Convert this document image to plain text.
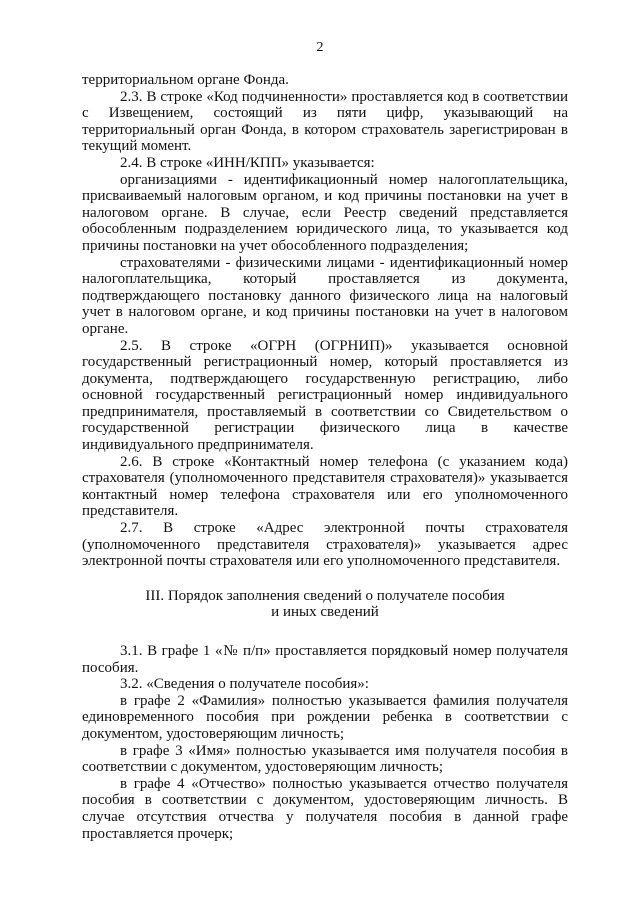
2

территориальном органе Фонда.

2.3. В строке «Код подчиненности» проставляется код в соответствии с Извещением, состоящий из пяти цифр, указывающий на территориальный орган Фонда, в котором страхователь зарегистрирован в текущий момент.

2.4. В строке «ИНН/КПП» указывается:

организациями - идентификационный номер налогоплательщика, присваиваемый налоговым органом, и код причины постановки на учет в налоговом органе. В случае, если Реестр сведений представляется обособленным подразделением юридического лица, то указывается код причины постановки на учет обособленного подразделения;

страхователями - физическими лицами - идентификационный номер налогоплательщика, который проставляется из документа, подтверждающего постановку данного физического лица на налоговый учет в налоговом органе, и код причины постановки на учет в налоговом органе.

2.5. В строке «ОГРН (ОГРНИП)» указывается основной государственный регистрационный номер, который проставляется из документа, подтверждающего государственную регистрацию, либо основной государственный регистрационный номер индивидуального предпринимателя, проставляемый в соответствии со Свидетельством о государственной регистрации физического лица в качестве индивидуального предпринимателя.

2.6. В строке «Контактный номер телефона (с указанием кода) страхователя (уполномоченного представителя страхователя)» указывается контактный номер телефона страхователя или его уполномоченного представителя.

2.7. В строке «Адрес электронной почты страхователя (уполномоченного представителя страхователя)» указывается адрес электронной почты страхователя или его уполномоченного представителя.

III. Порядок заполнения сведений о получателе пособия

и иных сведений

3.1. В графе 1 «№ п/п» проставляется порядковый номер получателя пособия.

3.2. «Сведения о получателе пособия»:

в графе 2 «Фамилия» полностью указывается фамилия получателя единовременного пособия при рождении ребенка в соответствии с документом, удостоверяющим личность;

в графе 3 «Имя» полностью указывается имя получателя пособия в соответствии с документом, удостоверяющим личность;

в графе 4 «Отчество» полностью указывается отчество получателя пособия в соответствии с документом, удостоверяющим личность. В случае отсутствия отчества у получателя пособия в данной графе проставляется прочерк;
